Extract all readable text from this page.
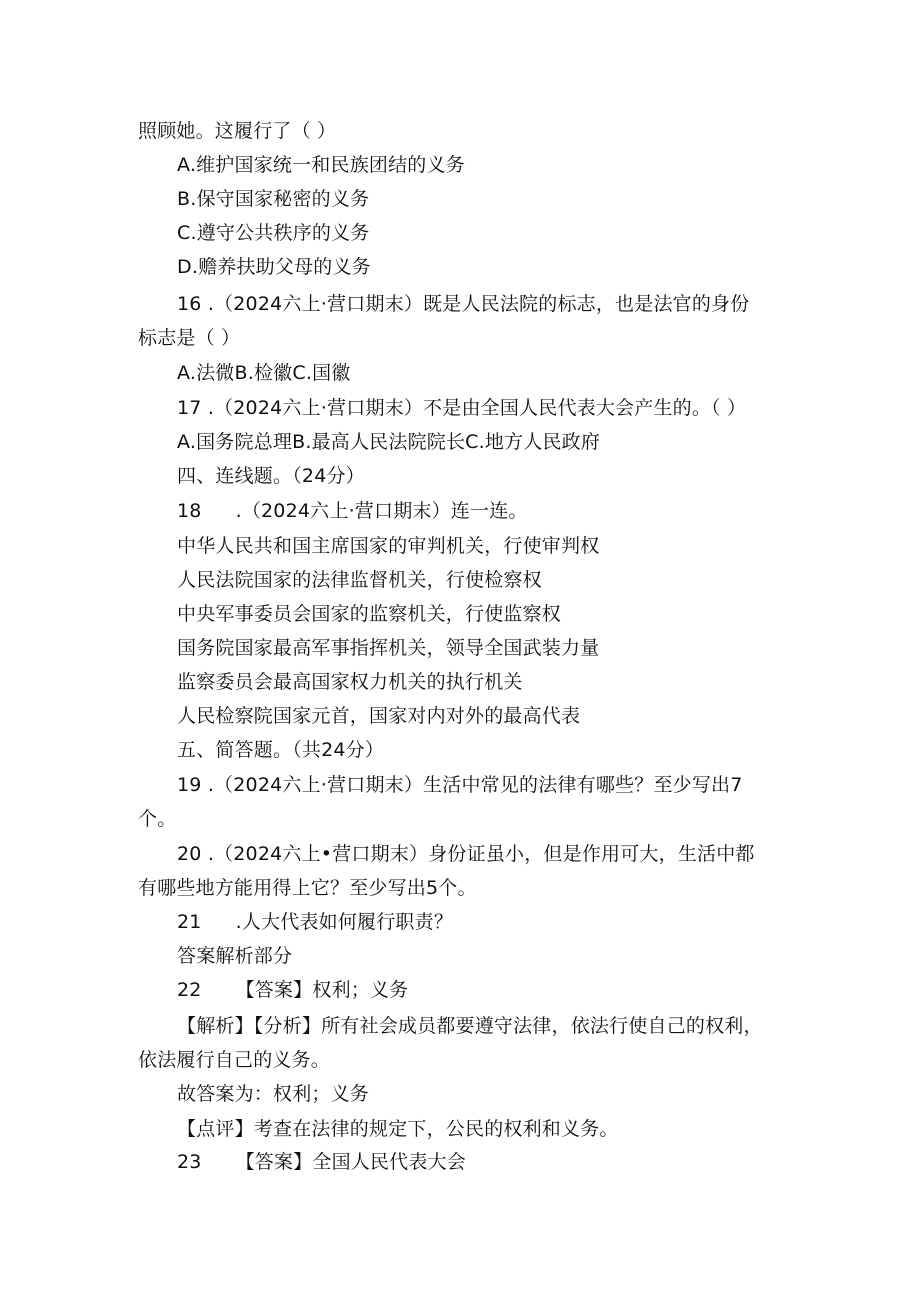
照顾她。这履行了（ ）
A.维护国家统一和民族团结的义务
B.保守国家秘密的义务
C.遵守公共秩序的义务
D.赡养扶助父母的义务
16 .（2024六上·营口期末）既是人民法院的标志，也是法官的身份
标志是（ ）
A.法微B.检徽C.国徽
17 .（2024六上·营口期末）不是由全国人民代表大会产生的。（ ）
A.国务院总理B.最高人民法院院长C.地方人民政府
四、连线题。（24分）
18 .（2024六上·营口期末）连一连。
中华人民共和国主席国家的审判机关，行使审判权
人民法院国家的法律监督机关，行使检察权
中央军事委员会国家的监察机关，行使监察权
国务院国家最高军事指挥机关，领导全国武装力量
监察委员会最高国家权力机关的执行机关
人民检察院国家元首，国家对内对外的最高代表
五、简答题。（共24分）
19 .（2024六上·营口期末）生活中常见的法律有哪些？至少写出7
个。
20 .（2024六上•营口期末）身份证虽小，但是作用可大，生活中都
有哪些地方能用得上它？至少写出5个。
21 .人大代表如何履行职责？
答案解析部分
22 【答案】权利；义务
【解析】【分析】所有社会成员都要遵守法律，依法行使自己的权利，
依法履行自己的义务。
故答案为：权利；义务
【点评】考查在法律的规定下，公民的权利和义务。
23 【答案】全国人民代表大会
